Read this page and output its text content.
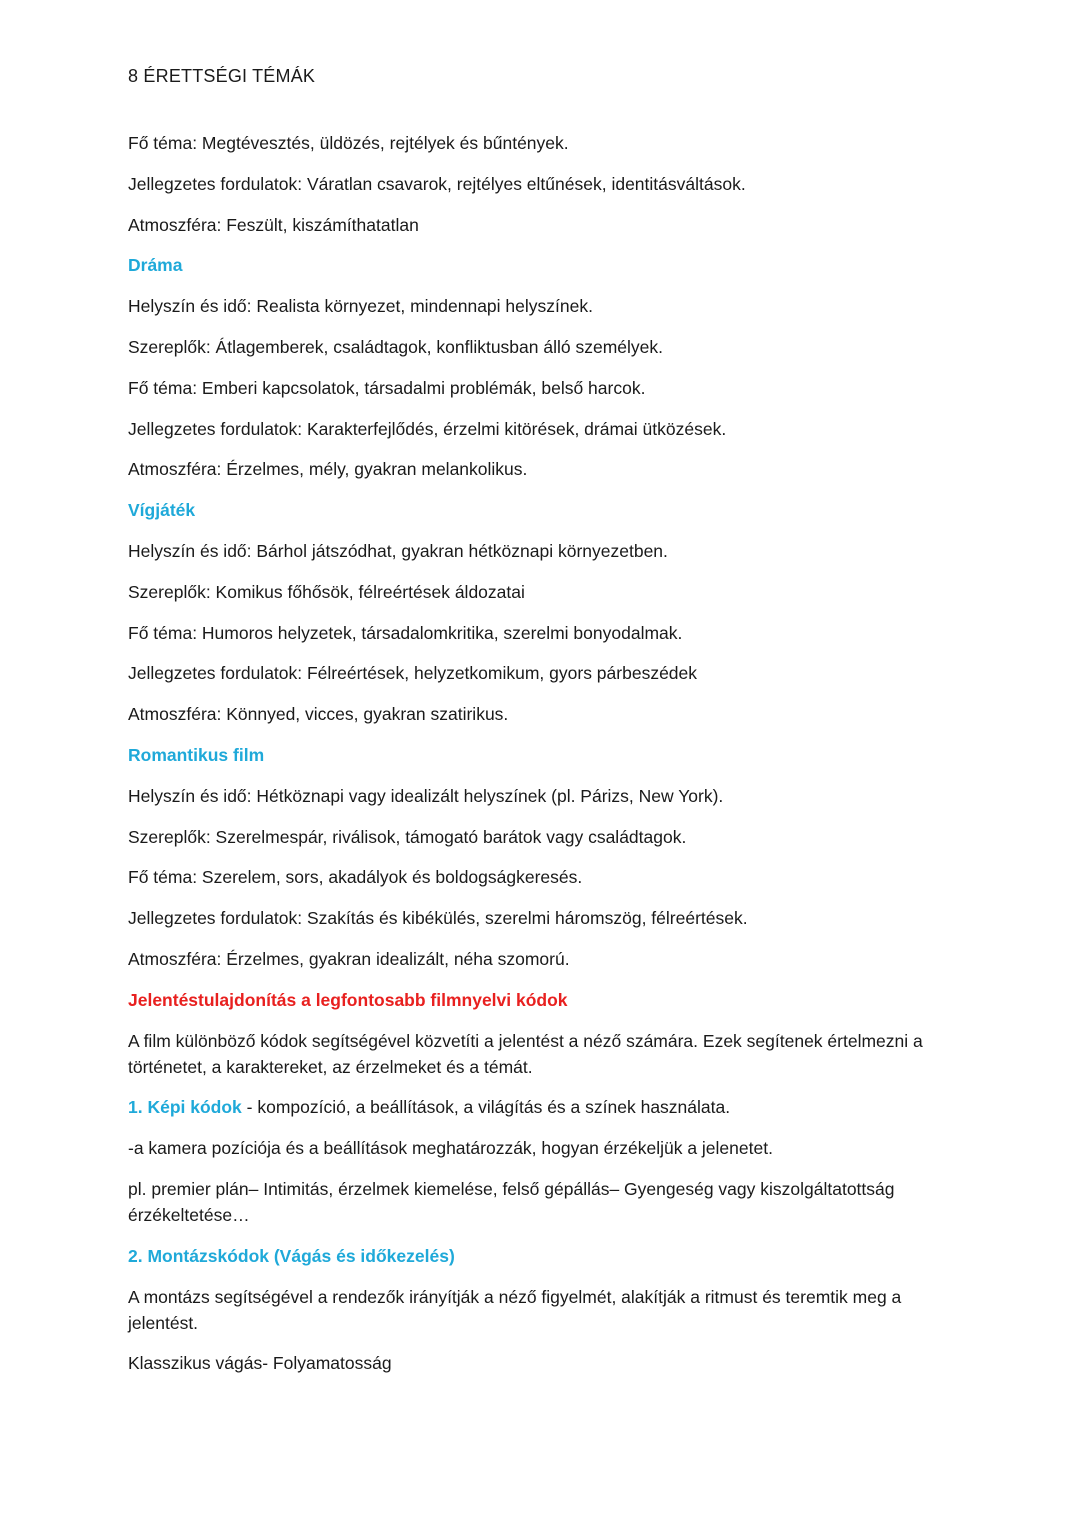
8 ÉRETTSÉGI TÉMÁK

Fő téma: Megtévesztés, üldözés, rejtélyek és bűntények.

Jellegzetes fordulatok: Váratlan csavarok, rejtélyes eltűnések, identitásváltások.

Atmoszféra: Feszült, kiszámíthatatlan

Dráma

Helyszín és idő: Realista környezet, mindennapi helyszínek.

Szereplők: Átlagemberek, családtagok, konfliktusban álló személyek.

Fő téma: Emberi kapcsolatok, társadalmi problémák, belső harcok.

Jellegzetes fordulatok: Karakterfejlődés, érzelmi kitörések, drámai ütközések.

Atmoszféra: Érzelmes, mély, gyakran melankolikus.

Vígjáték

Helyszín és idő: Bárhol játszódhat, gyakran hétköznapi környezetben.

Szereplők: Komikus főhősök, félreértések áldozatai

Fő téma: Humoros helyzetek, társadalomkritika, szerelmi bonyodalmak.

Jellegzetes fordulatok: Félreértések, helyzetkomikum, gyors párbeszédek

Atmoszféra: Könnyed, vicces, gyakran szatirikus.

Romantikus film

Helyszín és idő: Hétköznapi vagy idealizált helyszínek (pl. Párizs, New York).

Szereplők: Szerelmespár, riválisok, támogató barátok vagy családtagok.

Fő téma: Szerelem, sors, akadályok és boldogságkeresés.

Jellegzetes fordulatok: Szakítás és kibékülés, szerelmi háromszög, félreértések.

Atmoszféra: Érzelmes, gyakran idealizált, néha szomorú.

Jelentéstulajdonítás a legfontosabb filmnyelvi kódok

A film különböző kódok segítségével közvetíti a jelentést a néző számára. Ezek segítenek értelmezni a történetet, a karaktereket, az érzelmeket és a témát.

1. Képi kódok - kompozíció, a beállítások, a világítás és a színek használata.

-a kamera pozíciója és a beállítások meghatározzák, hogyan érzékeljük a jelenetet.

pl. premier plán– Intimitás, érzelmek kiemelése, felső gépállás– Gyengeség vagy kiszolgáltatottság érzékeltetése…

2. Montázskódok (Vágás és időkezelés)

A montázs segítségével a rendezők irányítják a néző figyelmét, alakítják a ritmust és teremtik meg a jelentést.

Klasszikus vágás- Folyamatosság
